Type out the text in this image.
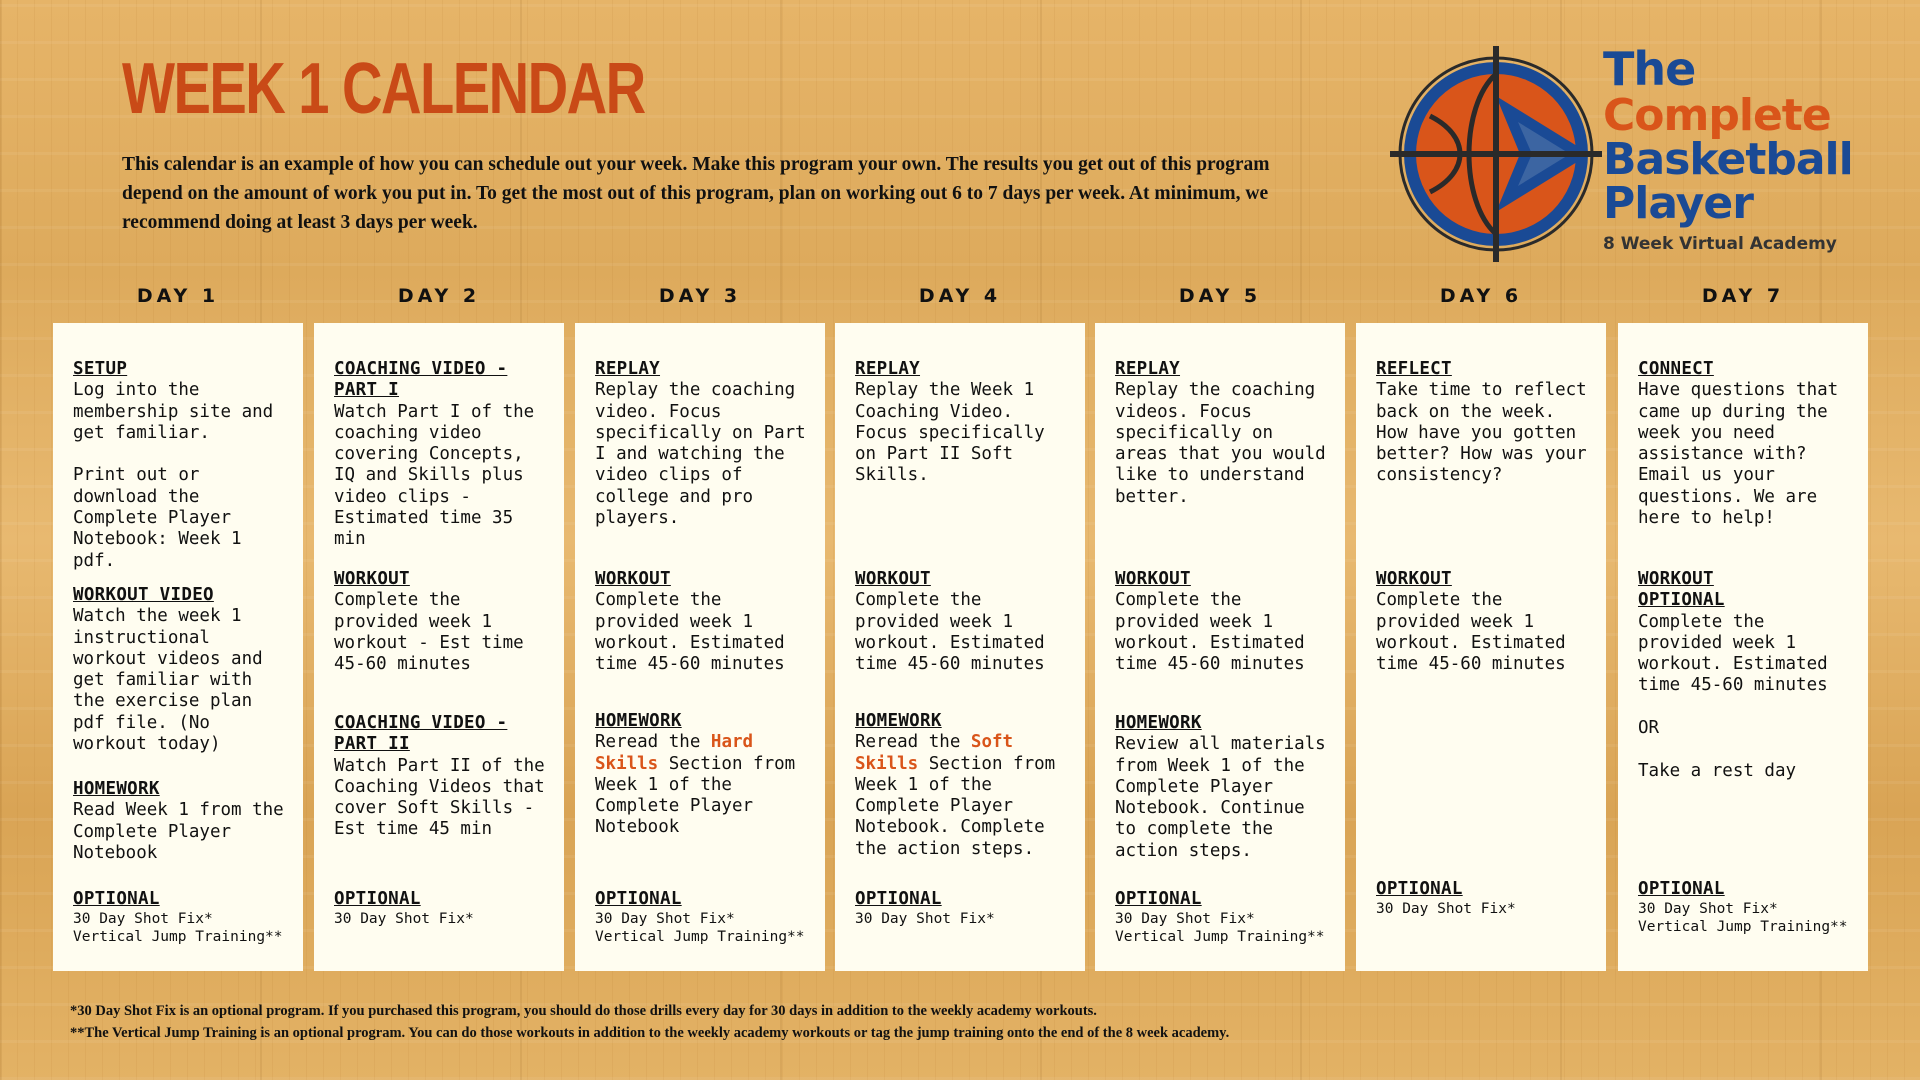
WEEK 1 CALENDAR

This calendar is an example of how you can schedule out your week. Make this program your own. The results you get out of this program depend on the amount of work you put in. To get the most out of this program, plan on working out 6 to 7 days per week. At minimum, we recommend doing at least 3 days per week.

The
Complete
Basketball
Player
8 Week Virtual Academy
DAY 1
SETUP
Log into the membership site and get familiar.

Print out or download the Complete Player Notebook: Week 1 pdf.
WORKOUT VIDEO
Watch the week 1 instructional workout videos and get familiar with the exercise plan pdf file. (No workout today)
HOMEWORK
Read Week 1 from the Complete Player Notebook
OPTIONAL
30 Day Shot Fix*
Vertical Jump Training**
DAY 2
COACHING VIDEO - PART I
Watch Part I of the coaching video covering Concepts, IQ and Skills plus video clips - Estimated time 35 min
WORKOUT
Complete the provided week 1 workout - Est time 45-60 minutes
COACHING VIDEO - PART II
Watch Part II of the Coaching Videos that cover Soft Skills - Est time 45 min
OPTIONAL
30 Day Shot Fix*
DAY 3
REPLAY
Replay the coaching video. Focus specifically on Part I and watching the video clips of college and pro players.
WORKOUT
Complete the provided week 1 workout. Estimated time 45-60 minutes
HOMEWORK
Reread the Hard Skills Section from Week 1 of the Complete Player Notebook
OPTIONAL
30 Day Shot Fix*
Vertical Jump Training**
DAY 4
REPLAY
Replay the Week 1 Coaching Video. Focus specifically on Part II Soft Skills.
WORKOUT
Complete the provided week 1 workout. Estimated time 45-60 minutes
HOMEWORK
Reread the Soft Skills Section from Week 1 of the Complete Player Notebook. Complete the action steps.
OPTIONAL
30 Day Shot Fix*
DAY 5
REPLAY
Replay the coaching videos. Focus specifically on areas that you would like to understand better.
WORKOUT
Complete the provided week 1 workout. Estimated time 45-60 minutes
HOMEWORK
Review all materials from Week 1 of the Complete Player Notebook. Continue to complete the action steps.
OPTIONAL
30 Day Shot Fix*
Vertical Jump Training**
DAY 6
REFLECT
Take time to reflect back on the week. How have you gotten better? How was your consistency?
WORKOUT
Complete the provided week 1 workout. Estimated time 45-60 minutes
OPTIONAL
30 Day Shot Fix*
DAY 7
CONNECT
Have questions that came up during the week you need assistance with? Email us your questions. We are here to help!
WORKOUT OPTIONAL
Complete the provided week 1 workout. Estimated time 45-60 minutes

OR

Take a rest day
OPTIONAL
30 Day Shot Fix*
Vertical Jump Training**
*30 Day Shot Fix is an optional program. If you purchased this program, you should do those drills every day for 30 days in addition to the weekly academy workouts.
**The Vertical Jump Training is an optional program. You can do those workouts in addition to the weekly academy workouts or tag the jump training onto the end of the 8 week academy.
